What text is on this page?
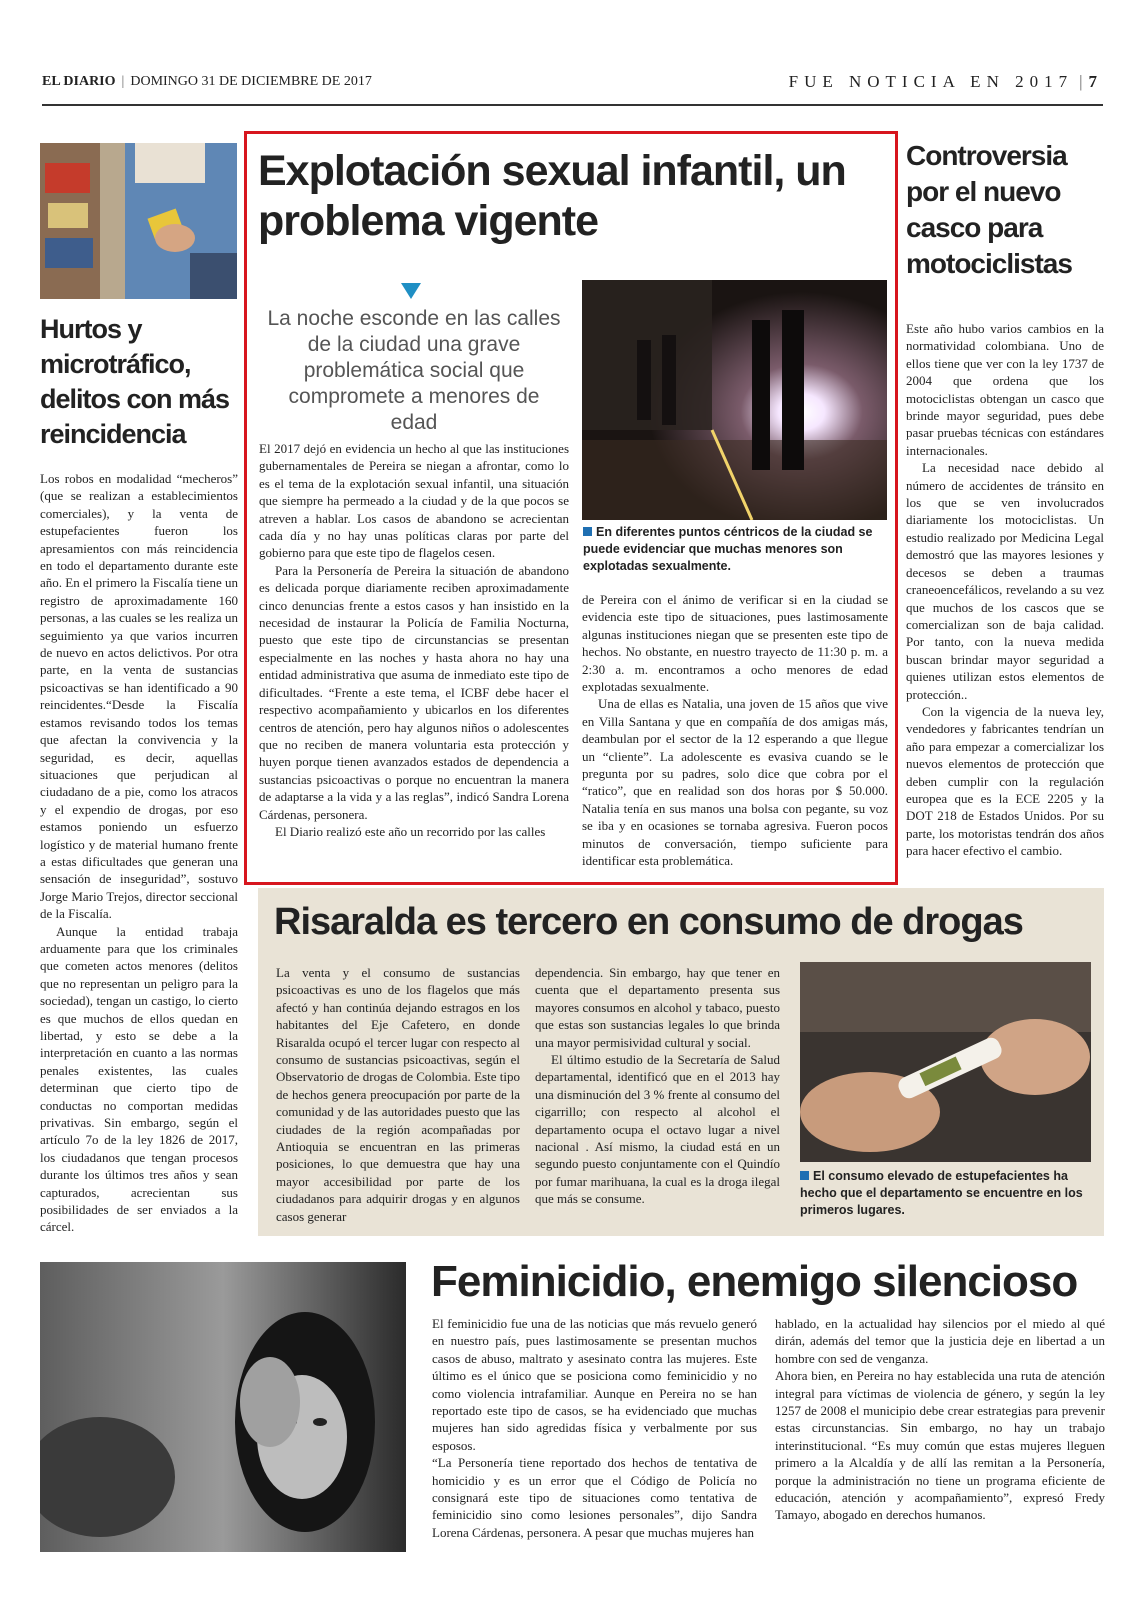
EL DIARIO | DOMINGO 31 DE DICIEMBRE DE 2017	FUE NOTICIA EN 2017 | 7
Hurtos y microtráfico, delitos con más reincidencia

Los robos en modalidad “mecheros” (que se realizan a establecimientos comerciales), y la venta de estupefacientes fueron los apresamientos con más reincidencia en todo el departamento durante este año. En el primero la Fiscalía tiene un registro de aproximadamente 160 personas, a las cuales se les realiza un seguimiento ya que varios incurren de nuevo en actos delictivos. Por otra parte, en la venta de sustancias psicoactivas se han identificado a 90 reincidentes.“Desde la Fiscalía estamos revisando todos los temas que afectan la convivencia y la seguridad, es decir, aquellas situaciones que perjudican al ciudadano de a pie, como los atracos y el expendio de drogas, por eso estamos poniendo un esfuerzo logístico y de material humano frente a estas dificultades que generan una sensación de inseguridad”, sostuvo Jorge Mario Trejos, director seccional de la Fiscalía.

Aunque la entidad trabaja arduamente para que los criminales que cometen actos menores (delitos que no representan un peligro para la sociedad), tengan un castigo, lo cierto es que muchos de ellos quedan en libertad, y esto se debe a la interpretación en cuanto a las normas penales existentes, las cuales determinan que cierto tipo de conductas no comportan medidas privativas. Sin embargo, según el artículo 7o de la ley 1826 de 2017, los ciudadanos que tengan procesos durante los últimos tres años y sean capturados, acrecientan sus posibilidades de ser enviados a la cárcel.

Explotación sexual infantil, un problema vigente
La noche esconde en las calles de la ciudad una grave problemática social que compromete a menores de edad

El 2017 dejó en evidencia un hecho al que las instituciones gubernamentales de Pereira se niegan a afrontar, como lo es el tema de la explotación sexual infantil, una situación que siempre ha permeado a la ciudad y de la que pocos se atreven a hablar. Los casos de abandono se acrecientan cada día y no hay unas políticas claras por parte del gobierno para que este tipo de flagelos cesen.

Para la Personería de Pereira la situación de abandono es delicada porque diariamente reciben aproximadamente cinco denuncias frente a estos casos y han insistido en la necesidad de instaurar la Policía de Familia Nocturna, puesto que este tipo de circunstancias se presentan especialmente en las noches y hasta ahora no hay una entidad administrativa que asuma de inmediato este tipo de dificultades. “Frente a este tema, el ICBF debe hacer el respectivo acompañamiento y ubicarlos en los diferentes centros de atención, pero hay algunos niños o adolescentes que no reciben de manera voluntaria esta protección y huyen porque tienen avanzados estados de dependencia a sustancias psicoactivas o porque no encuentran la manera de adaptarse a la vida y a las reglas”, indicó Sandra Lorena Cárdenas, personera.

El Diario realizó este año un recorrido por las calles

En diferentes puntos céntricos de la ciudad se puede evidenciar que muchas menores son explotadas sexualmente.

de Pereira con el ánimo de verificar si en la ciudad se evidencia este tipo de situaciones, pues lastimosamente algunas instituciones niegan que se presenten este tipo de hechos. No obstante, en nuestro trayecto de 11:30 p. m. a 2:30 a. m. encontramos a ocho menores de edad explotadas sexualmente.

Una de ellas es Natalia, una joven de 15 años que vive en Villa Santana y que en compañía de dos amigas más, deambulan por el sector de la 12 esperando a que llegue un “cliente”. La adolescente es evasiva cuando se le pregunta por su padres, solo dice que cobra por el “ratico”, que en realidad son dos horas por $ 50.000. Natalia tenía en sus manos una bolsa con pegante, su voz se iba y en ocasiones se tornaba agresiva. Fueron pocos minutos de conversación, tiempo suficiente para identificar esta problemática.

Controversia por el nuevo casco para motociclistas

Este año hubo varios cambios en la normatividad colombiana. Uno de ellos tiene que ver con la ley 1737 de 2004 que ordena que los motociclistas obtengan un casco que brinde mayor seguridad, pues debe pasar pruebas técnicas con estándares internacionales.

La necesidad nace debido al número de accidentes de tránsito en los que se ven involucrados diariamente los motociclistas. Un estudio realizado por Medicina Legal demostró que las mayores lesiones y decesos se deben a traumas craneoencefálicos, revelando a su vez que muchos de los cascos que se comercializan son de baja calidad. Por tanto, con la nueva medida buscan brindar mayor seguridad a quienes utilizan estos elementos de protección..

Con la vigencia de la nueva ley, vendedores y fabricantes tendrían un año para empezar a comercializar los nuevos elementos de protección que deben cumplir con la regulación europea que es la ECE 2205 y la DOT 218 de Estados Unidos. Por su parte, los motoristas tendrán dos años para hacer efectivo el cambio.

Risaralda es tercero en consumo de drogas

La venta y el consumo de sustancias psicoactivas es uno de los flagelos que más afectó y han continúa dejando estragos en los habitantes del Eje Cafetero, en donde Risaralda ocupó el tercer lugar con respecto al consumo de sustancias psicoactivas, según el Observatorio de drogas de Colombia. Este tipo de hechos genera preocupación por parte de la comunidad y de las autoridades puesto que las ciudades de la región acompañadas por Antioquia se encuentran en las primeras posiciones, lo que demuestra que hay una mayor accesibilidad por parte de los ciudadanos para adquirir drogas y en algunos casos generar

dependencia. Sin embargo, hay que tener en cuenta que el departamento presenta sus mayores consumos en alcohol y tabaco, puesto que estas son sustancias legales lo que brinda una mayor permisividad cultural y social.

El último estudio de la Secretaría de Salud departamental, identificó que en el 2013 hay una disminución del 3 % frente al consumo del cigarrillo; con respecto al alcohol el departamento ocupa el octavo lugar a nivel nacional . Así mismo, la ciudad está en un segundo puesto conjuntamente con el Quindío por fumar marihuana, la cual es la droga ilegal que más se consume.

El consumo elevado de estupefacientes ha hecho que el departamento se encuentre en los primeros lugares.
Feminicidio, enemigo silencioso

El feminicidio fue una de las noticias que más revuelo generó en nuestro país, pues lastimosamente se presentan muchos casos de abuso, maltrato y asesinato contra las mujeres. Este último es el único que se posiciona como feminicidio y no como violencia intrafamiliar. Aunque en Pereira no se han reportado este tipo de casos, se ha evidenciado que muchas mujeres han sido agredidas física y verbalmente por sus esposos.

“La Personería tiene reportado dos hechos de tentativa de homicidio y es un error que el Código de Policía no consignará este tipo de situaciones como tentativa de feminicidio sino como lesiones personales”, dijo Sandra Lorena Cárdenas, personera. A pesar que muchas mujeres han

hablado, en la actualidad hay silencios por el miedo al qué dirán, además del temor que la justicia deje en libertad a un hombre con sed de venganza.

Ahora bien, en Pereira no hay establecida una ruta de atención integral para víctimas de violencia de género, y según la ley 1257 de 2008 el municipio debe crear estrategias para prevenir estas circunstancias. Sin embargo, no hay un trabajo interinstitucional. “Es muy común que estas mujeres lleguen primero a la Alcaldía y de allí las remitan a la Personería, porque la administración no tiene un programa eficiente de educación, atención y acompañamiento”, expresó Fredy Tamayo, abogado en derechos humanos.
